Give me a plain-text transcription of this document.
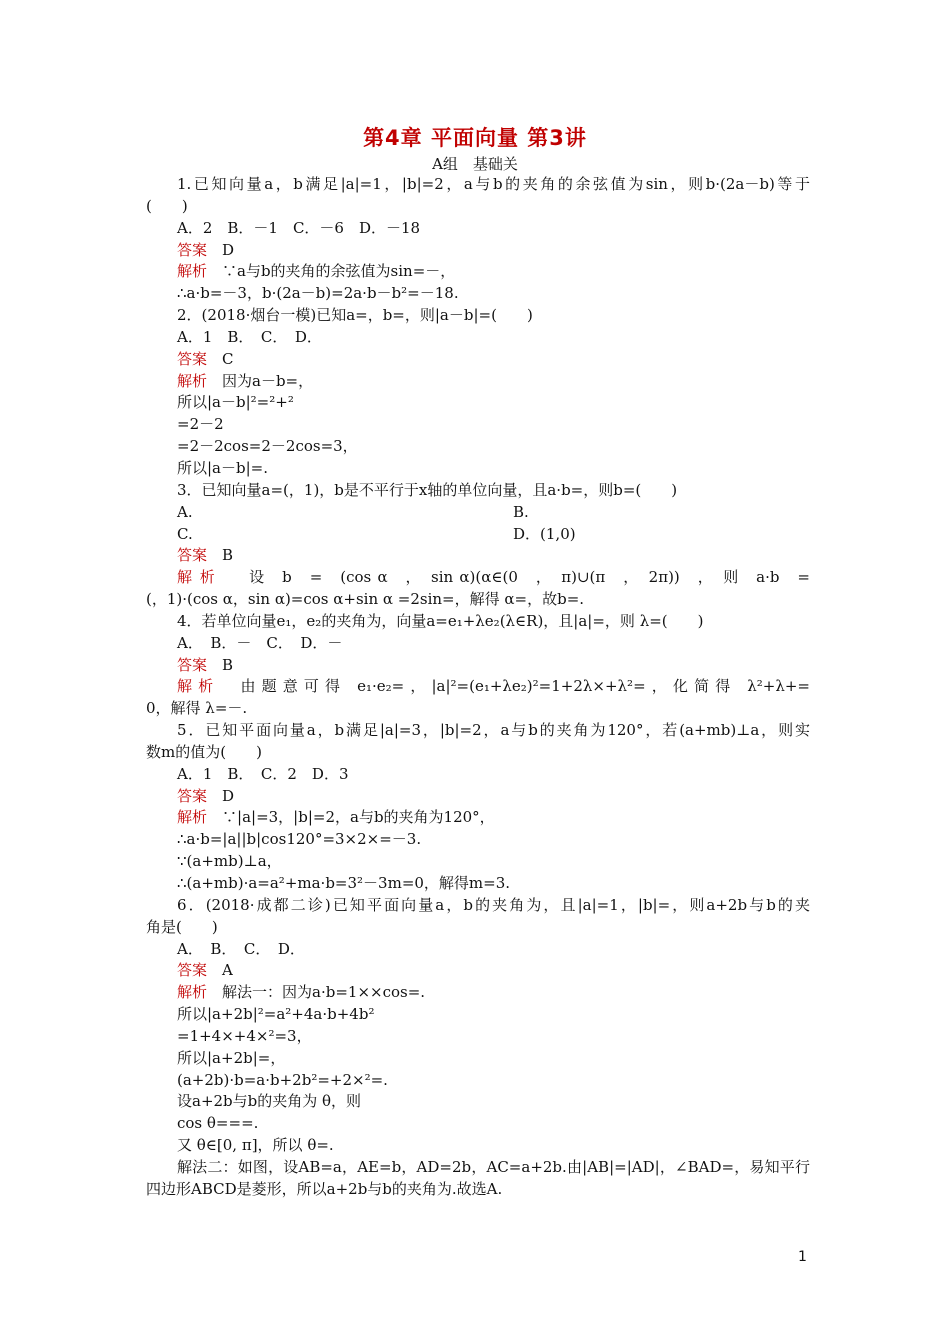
第4章 平面向量 第3讲
A组　基础关
1.已知向量a，b满足|a|=1，|b|=2，a与b的夹角的余弦值为sin，则b·(2a－b)等于
(　　)
A．2　B．－1　C．－6　D．－18
答案　D
解析　∵a与b的夹角的余弦值为sin=－，
∴a·b=－3，b·(2a－b)=2a·b－b²=－18.
2．(2018·烟台一模)已知a=，b=，则|a－b|=(　　)
A．1　B．　C．　D．
答案　C
解析　因为a－b=，
所以|a－b|²=²+²
=2－2
=2－2cos=2－2cos=3，
所以|a－b|=.
3．已知向量a=(，1)，b是不平行于x轴的单位向量，且a·b=，则b=(　　)
A.	B.
C.	D．(1,0)
答案　B
解 析　　设　b　=　(cos α　，　sin α)(α∈(0　，　π)∪(π　，　2π))　，　则　a·b　=
(，1)·(cos α，sin α)=cos α+sin α =2sin=，解得 α=，故b=.
4．若单位向量e₁，e₂的夹角为，向量a=e₁+λe₂(λ∈R)，且|a|=，则 λ=(　　)
A．　B．－　C．　D．－
答案　B
解析　由题意可得 e₁·e₂=，|a|²=(e₁+λe₂)²=1+2λ×+λ²=，化简得 λ²+λ+=
0，解得 λ=－.
5．已知平面向量a，b满足|a|=3，|b|=2，a与b的夹角为120°，若(a+mb)⊥a，则实
数m的值为(　　)
A．1　B．　C．2　D．3
答案　D
解析　∵|a|=3，|b|=2，a与b的夹角为120°，
∴a·b=|a||b|cos120°=3×2×=－3.
∵(a+mb)⊥a，
∴(a+mb)·a=a²+ma·b=3²－3m=0，解得m=3.
6．(2018·成都二诊)已知平面向量a，b的夹角为，且|a|=1，|b|=，则a+2b与b的夹
角是(　　)
A．　B．　C．　D．
答案　A
解析　解法一：因为a·b=1××cos=.
所以|a+2b|²=a²+4a·b+4b²
=1+4×+4×²=3，
所以|a+2b|=，
(a+2b)·b=a·b+2b²=+2×²=.
设a+2b与b的夹角为 θ，则
cos θ===.
又 θ∈[0, π]，所以 θ=.
解法二：如图，设AB=a，AE=b，AD=2b，AC=a+2b.由|AB|=|AD|，∠BAD=，易知平行
四边形ABCD是菱形，所以a+2b与b的夹角为.故选A.
1
